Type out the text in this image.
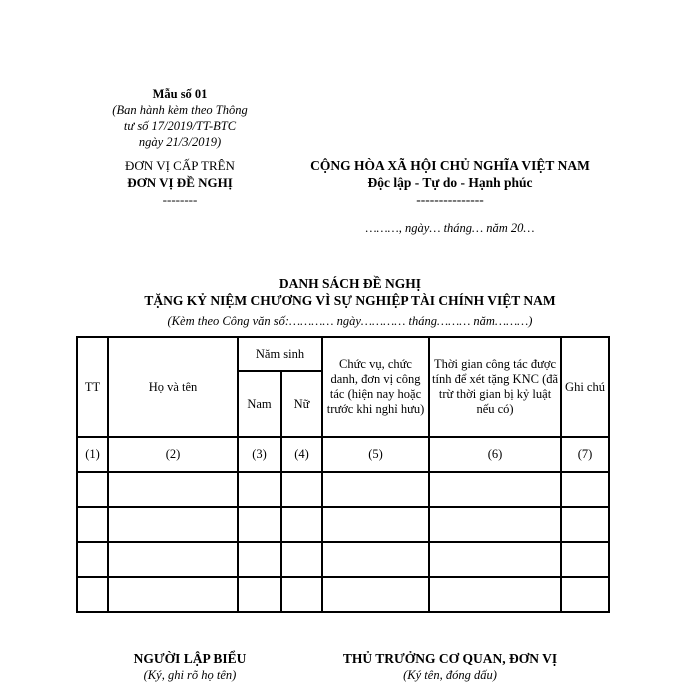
Mẫu số 01
(Ban hành kèm theo Thông
tư số 17/2019/TT-BTC
ngày 21/3/2019)
ĐƠN VỊ CẤP TRÊN
ĐƠN VỊ ĐỀ NGHỊ
--------
CỘNG HÒA XÃ HỘI CHỦ NGHĨA VIỆT NAM
Độc lập - Tự do - Hạnh phúc
---------------
………, ngày… tháng… năm 20…
DANH SÁCH ĐỀ NGHỊ
TẶNG KỶ NIỆM CHƯƠNG VÌ SỰ NGHIỆP TÀI CHÍNH VIỆT NAM
(Kèm theo Công văn số:………… ngày………… tháng……… năm………)
TT	Họ và tên	Năm sinh		Chức vụ, chức danh, đơn vị công tác (hiện nay hoặc trước khi nghỉ hưu)	Thời gian công tác được tính để xét tặng KNC (đã trừ thời gian bị kỷ luật nếu có)	Ghi chú
		Nam	Nữ			
(1)	(2)	(3)	(4)	(5)	(6)	(7)

NGƯỜI LẬP BIỂU
(Ký, ghi rõ họ tên)
THỦ TRƯỞNG CƠ QUAN, ĐƠN VỊ
(Ký tên, đóng dấu)
